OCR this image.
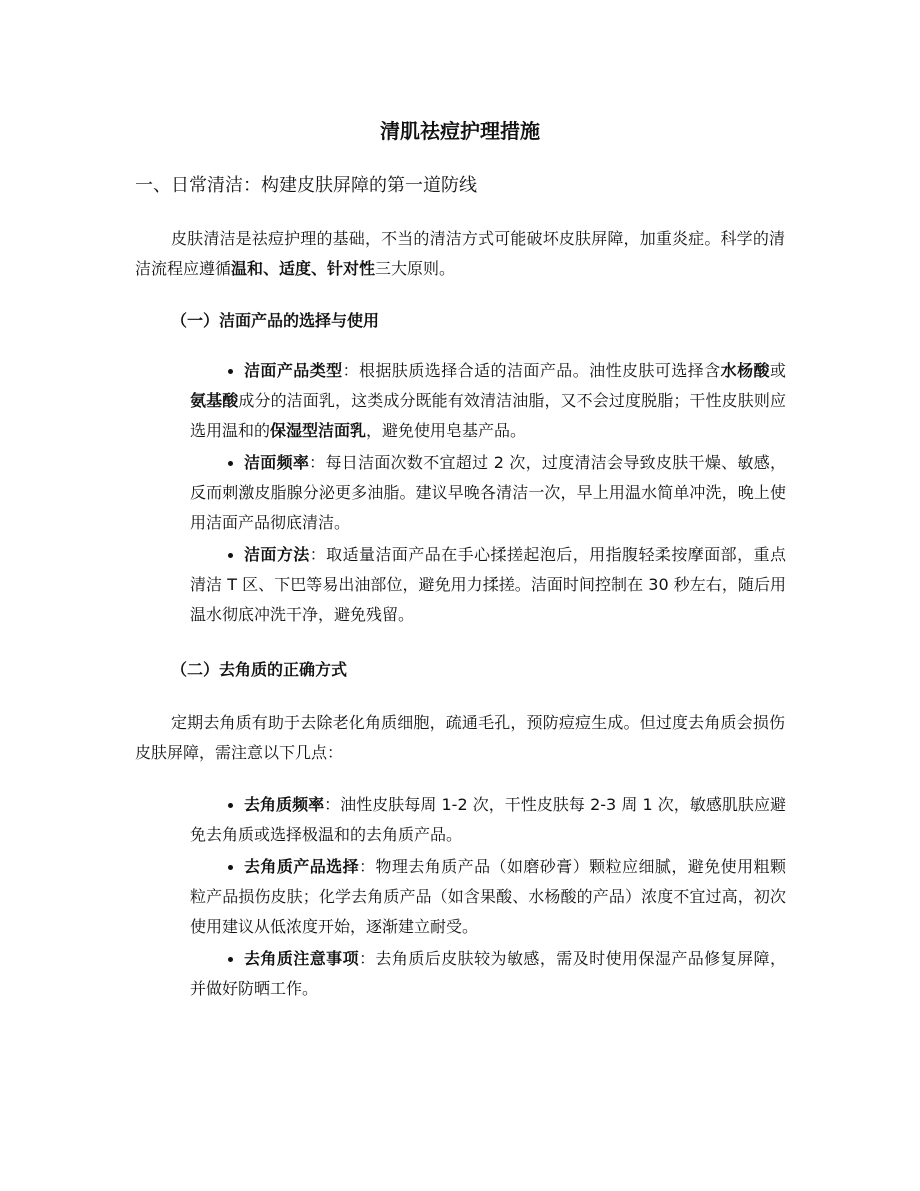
清肌祛痘护理措施
一、日常清洁：构建皮肤屏障的第一道防线

皮肤清洁是祛痘护理的基础，不当的清洁方式可能破坏皮肤屏障，加重炎症。科学的清洁流程应遵循温和、适度、针对性三大原则。

（一）洁面产品的选择与使用
洁面产品类型：根据肤质选择合适的洁面产品。油性皮肤可选择含水杨酸或氨基酸成分的洁面乳，这类成分既能有效清洁油脂，又不会过度脱脂；干性皮肤则应选用温和的保湿型洁面乳，避免使用皂基产品。
洁面频率：每日洁面次数不宜超过 2 次，过度清洁会导致皮肤干燥、敏感，反而刺激皮脂腺分泌更多油脂。建议早晚各清洁一次，早上用温水简单冲洗，晚上使用洁面产品彻底清洁。
洁面方法：取适量洁面产品在手心揉搓起泡后，用指腹轻柔按摩面部，重点清洁 T 区、下巴等易出油部位，避免用力揉搓。洁面时间控制在 30 秒左右，随后用温水彻底冲洗干净，避免残留。
（二）去角质的正确方式

定期去角质有助于去除老化角质细胞，疏通毛孔，预防痘痘生成。但过度去角质会损伤皮肤屏障，需注意以下几点：

去角质频率：油性皮肤每周 1-2 次，干性皮肤每 2-3 周 1 次，敏感肌肤应避免去角质或选择极温和的去角质产品。
去角质产品选择：物理去角质产品（如磨砂膏）颗粒应细腻，避免使用粗颗粒产品损伤皮肤；化学去角质产品（如含果酸、水杨酸的产品）浓度不宜过高，初次使用建议从低浓度开始，逐渐建立耐受。
去角质注意事项：去角质后皮肤较为敏感，需及时使用保湿产品修复屏障，并做好防晒工作。
